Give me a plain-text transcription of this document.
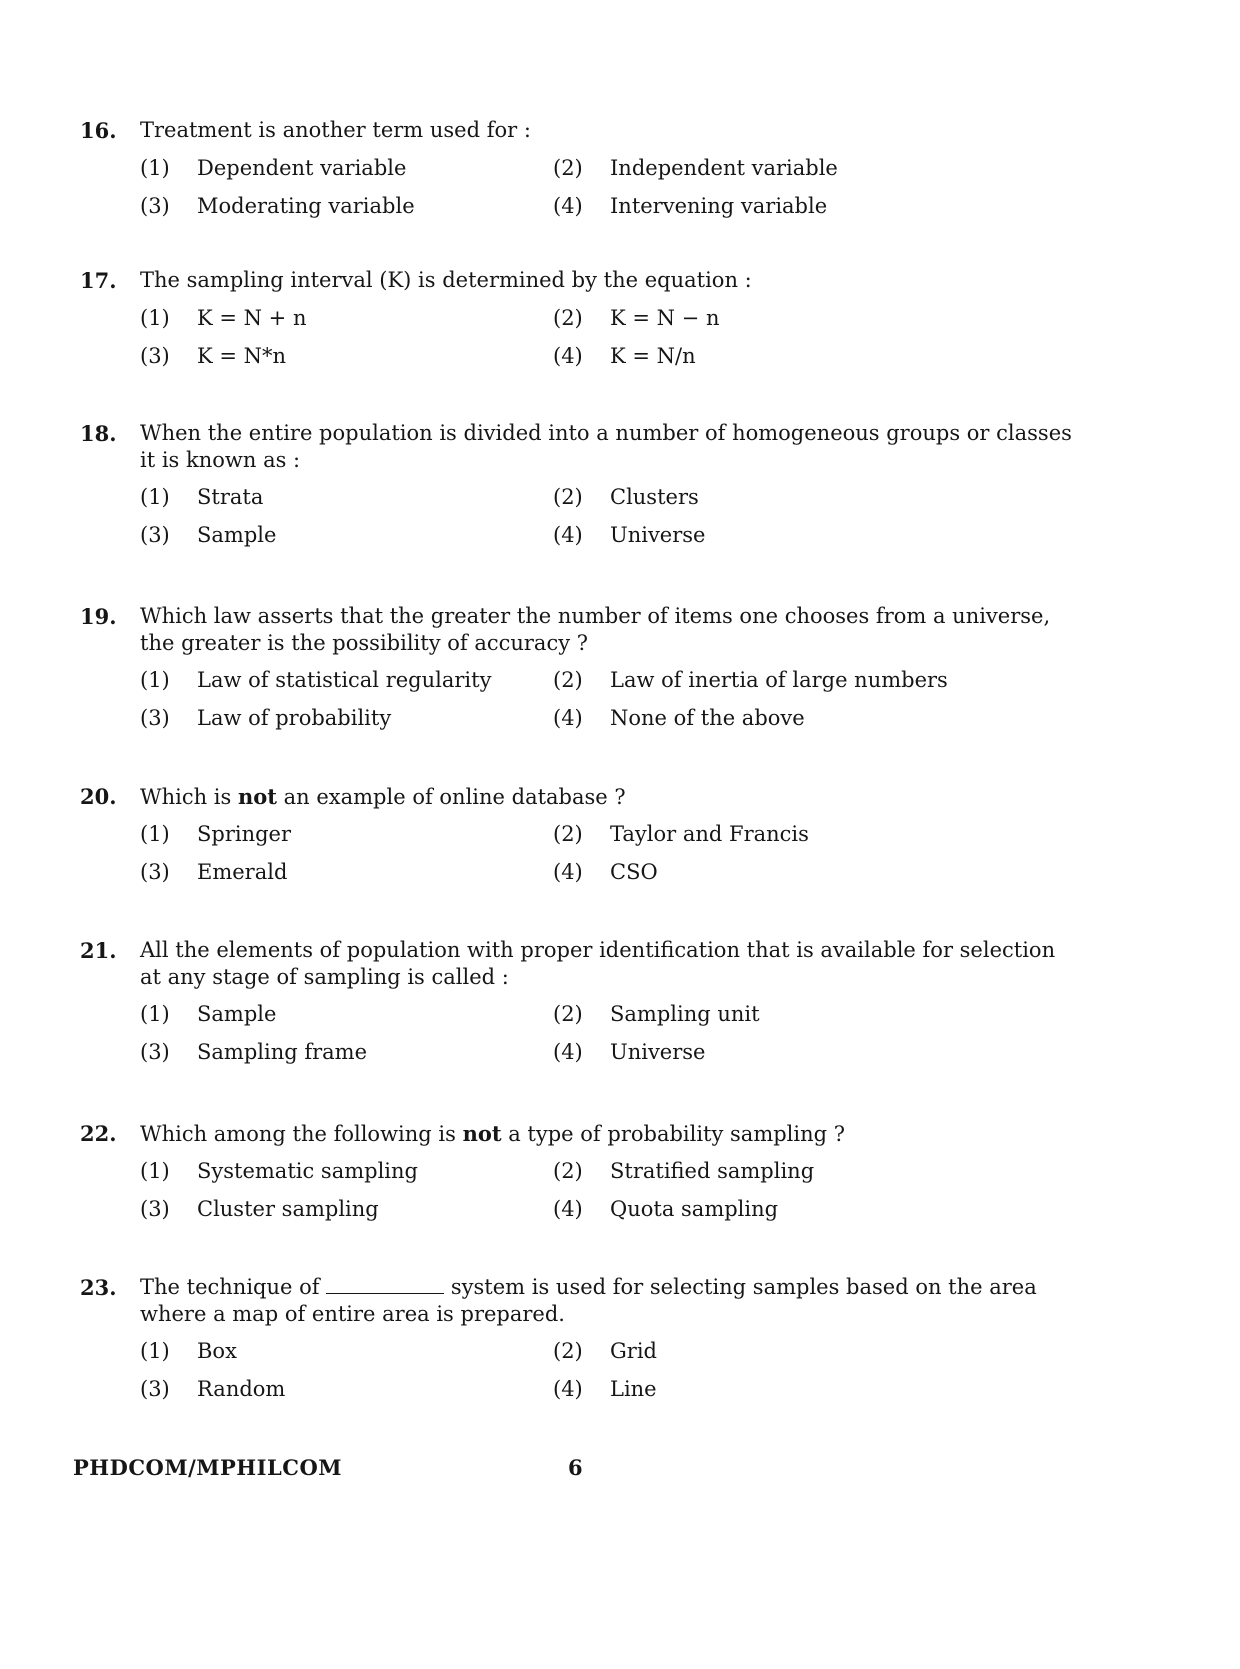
16.	Treatment is another term used for :
(1)	Dependent variable	(2)	Independent variable
(3)	Moderating variable	(4)	Intervening variable
17.	The sampling interval (K) is determined by the equation :
(1)	K = N + n	(2)	K = N − n
(3)	K = N*n	(4)	K = N/n
18.	When the entire population is divided into a number of homogeneous groups or classes it is known as :
(1)	Strata	(2)	Clusters
(3)	Sample	(4)	Universe
19.	Which law asserts that the greater the number of items one chooses from a universe, the greater is the possibility of accuracy ?
(1)	Law of statistical regularity	(2)	Law of inertia of large numbers
(3)	Law of probability	(4)	None of the above
20.	Which is not an example of online database ?
(1)	Springer	(2)	Taylor and Francis
(3)	Emerald	(4)	CSO
21.	All the elements of population with proper identification that is available for selection at any stage of sampling is called :
(1)	Sample	(2)	Sampling unit
(3)	Sampling frame	(4)	Universe
22.	Which among the following is not a type of probability sampling ?
(1)	Systematic sampling	(2)	Stratified sampling
(3)	Cluster sampling	(4)	Quota sampling
23.	The technique of	system is used for selecting samples based on the area where a map of entire area is prepared.
(1)	Box	(2)	Grid
(3)	Random	(4)	Line
PHDCOM/MPHILCOM	6
